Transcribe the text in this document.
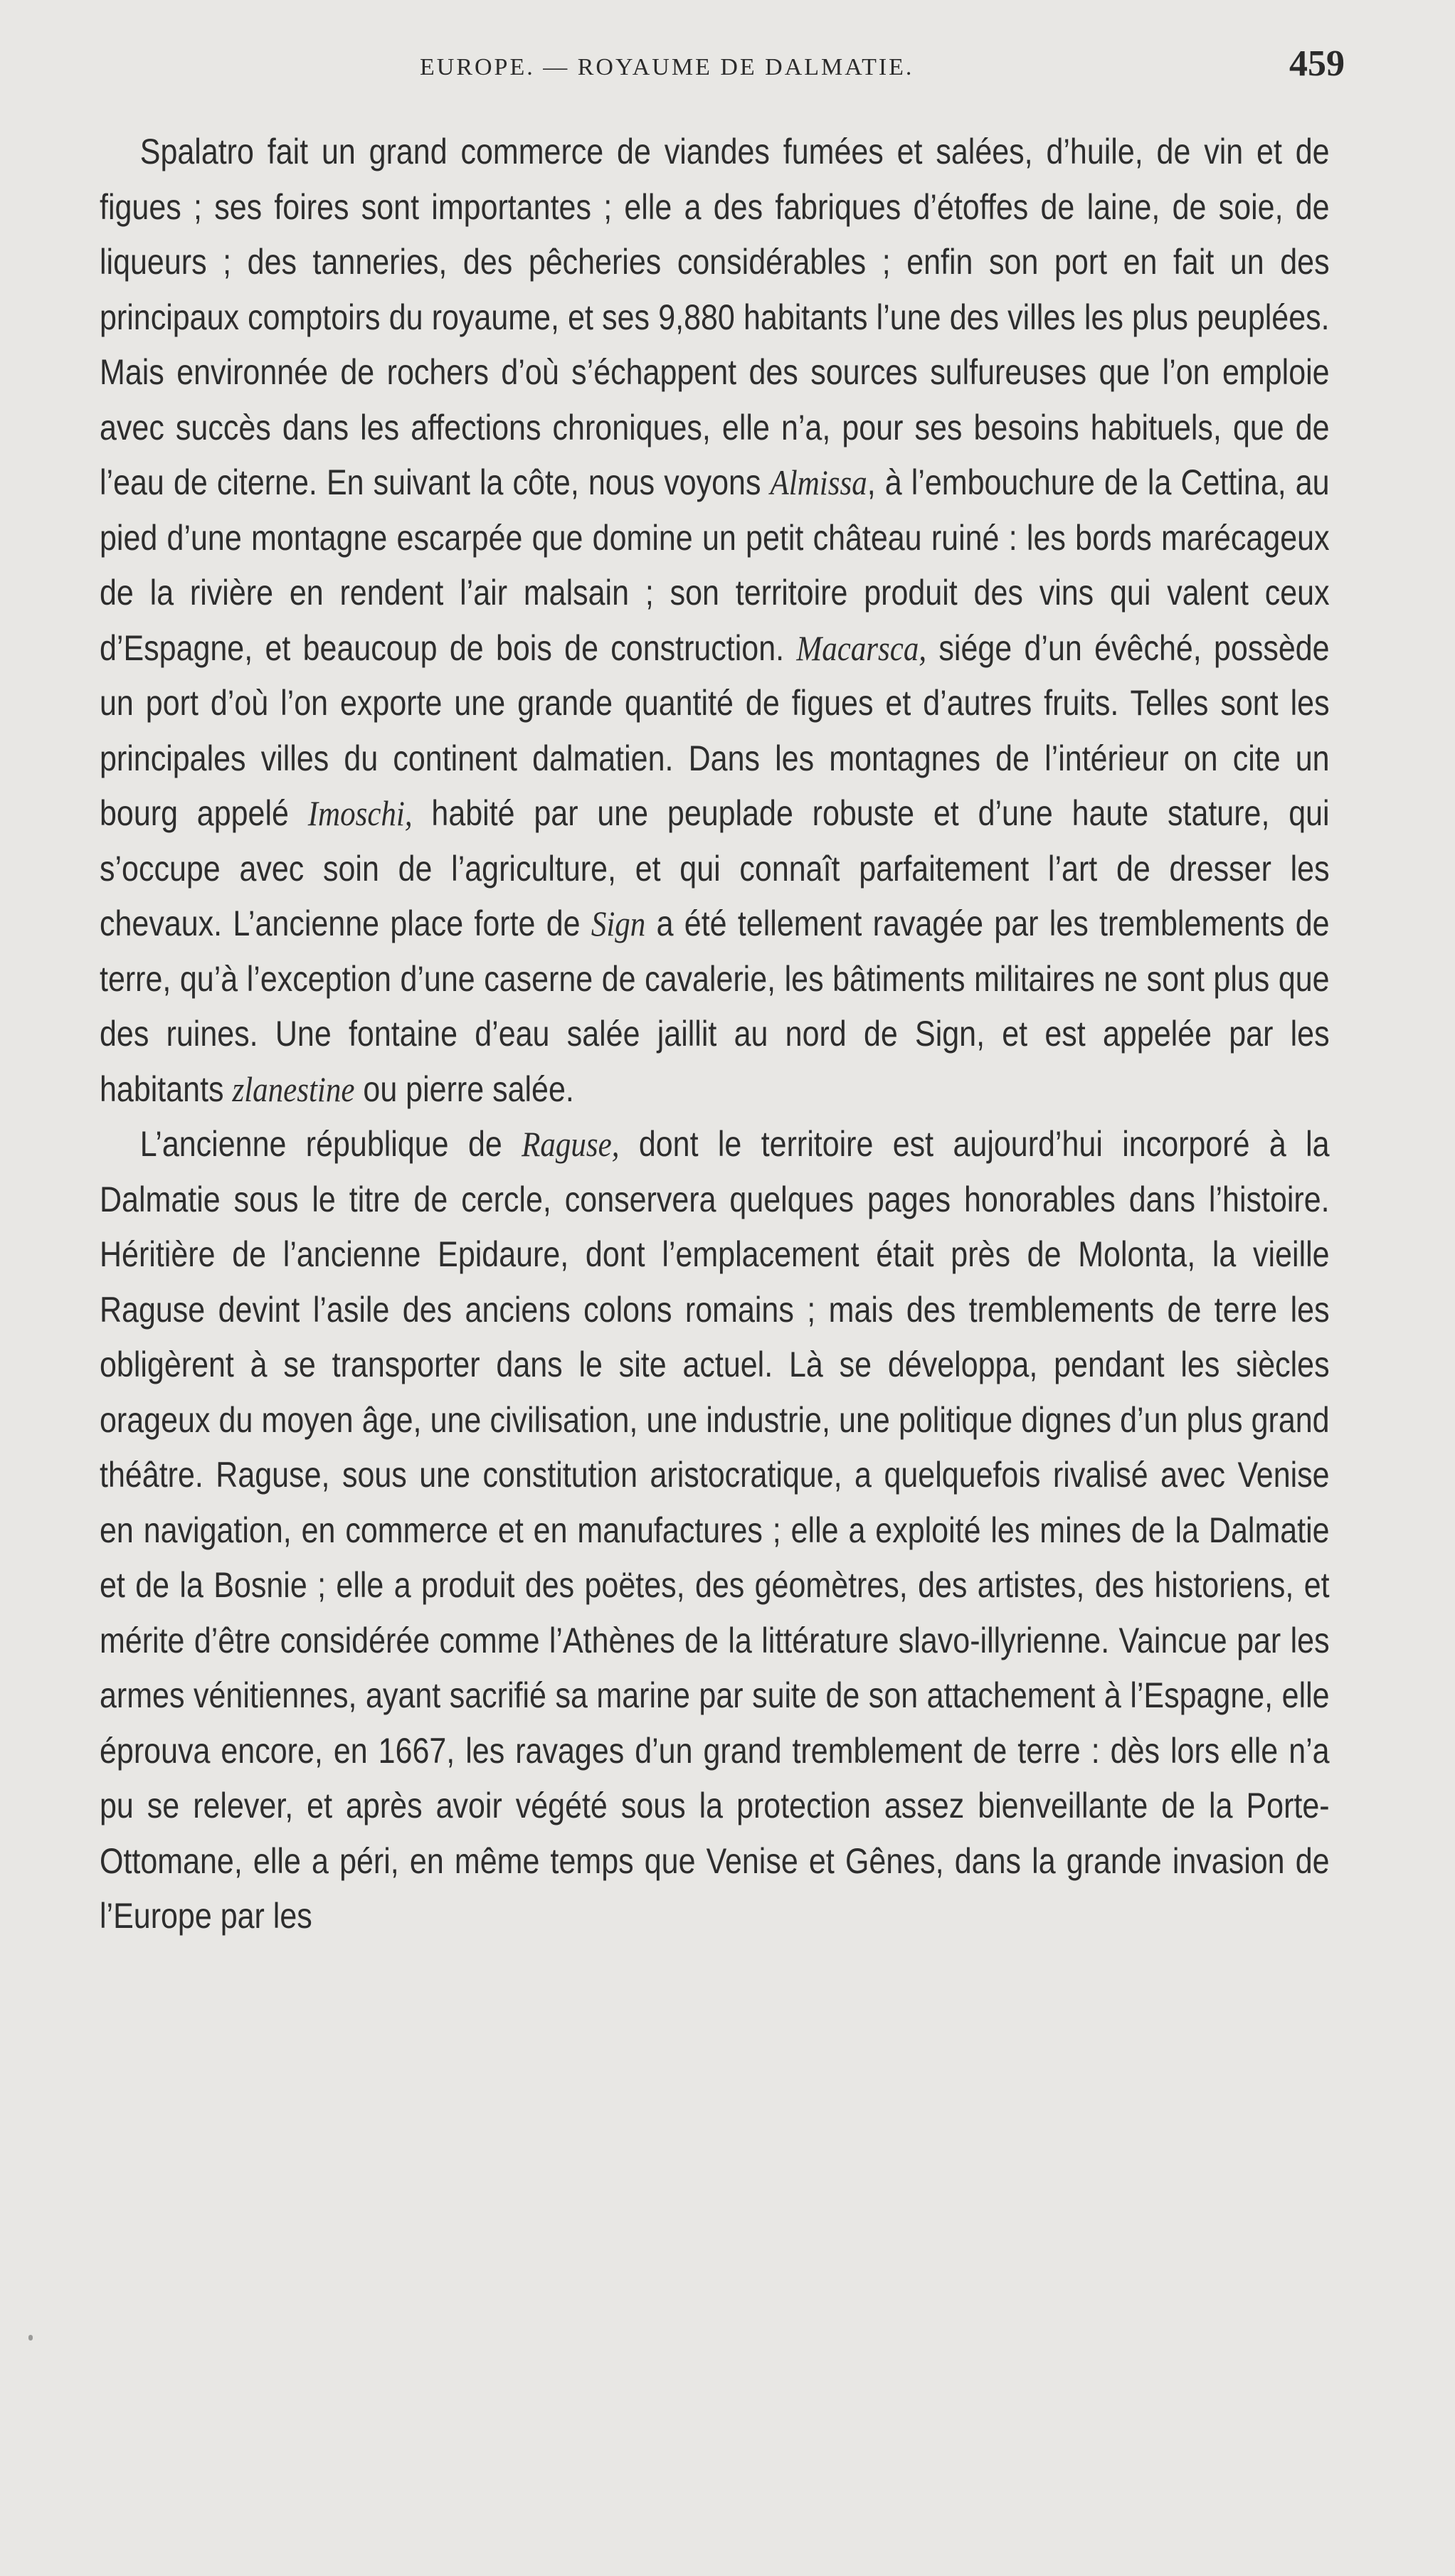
EUROPE. — ROYAUME DE DALMATIE.	459

Spalatro fait un grand commerce de viandes fumées et salées, d’huile, de vin et de figues ; ses foires sont importantes ; elle a des fabriques d’étoffes de laine, de soie, de liqueurs ; des tanneries, des pêcheries considérables ; enfin son port en fait un des principaux comptoirs du royaume, et ses 9,880 habitants l’une des villes les plus peuplées. Mais environnée de rochers d’où s’échappent des sources sulfureuses que l’on emploie avec succès dans les affections chroniques, elle n’a, pour ses besoins habituels, que de l’eau de citerne. En suivant la côte, nous voyons Almissa, à l’embouchure de la Cettina, au pied d’une montagne escarpée que domine un petit château ruiné : les bords marécageux de la rivière en rendent l’air malsain ; son territoire produit des vins qui valent ceux d’Espagne, et beaucoup de bois de construction. Macarsca, siége d’un évêché, possède un port d’où l’on exporte une grande quantité de figues et d’autres fruits. Telles sont les principales villes du continent dalmatien. Dans les montagnes de l’intérieur on cite un bourg appelé Imoschi, habité par une peuplade robuste et d’une haute stature, qui s’occupe avec soin de l’agriculture, et qui connaît parfaitement l’art de dresser les chevaux. L’ancienne place forte de Sign a été tellement ravagée par les tremblements de terre, qu’à l’exception d’une caserne de cavalerie, les bâtiments militaires ne sont plus que des ruines. Une fontaine d’eau salée jaillit au nord de Sign, et est appelée par les habitants zlanestine ou pierre salée.

L’ancienne république de Raguse, dont le territoire est aujourd’hui incorporé à la Dalmatie sous le titre de cercle, conservera quelques pages honorables dans l’histoire. Héritière de l’ancienne Epidaure, dont l’emplacement était près de Molonta, la vieille Raguse devint l’asile des anciens colons romains ; mais des tremblements de terre les obligèrent à se transporter dans le site actuel. Là se développa, pendant les siècles orageux du moyen âge, une civilisation, une industrie, une politique dignes d’un plus grand théâtre. Raguse, sous une constitution aristocratique, a quelquefois rivalisé avec Venise en navigation, en commerce et en manufactures ; elle a exploité les mines de la Dalmatie et de la Bosnie ; elle a produit des poëtes, des géomètres, des artistes, des historiens, et mérite d’être considérée comme l’Athènes de la littérature slavo-illyrienne. Vaincue par les armes vénitiennes, ayant sacrifié sa marine par suite de son attachement à l’Espagne, elle éprouva encore, en 1667, les ravages d’un grand tremblement de terre : dès lors elle n’a pu se relever, et après avoir végété sous la protection assez bienveillante de la Porte-Ottomane, elle a péri, en même temps que Venise et Gênes, dans la grande invasion de l’Europe par les
